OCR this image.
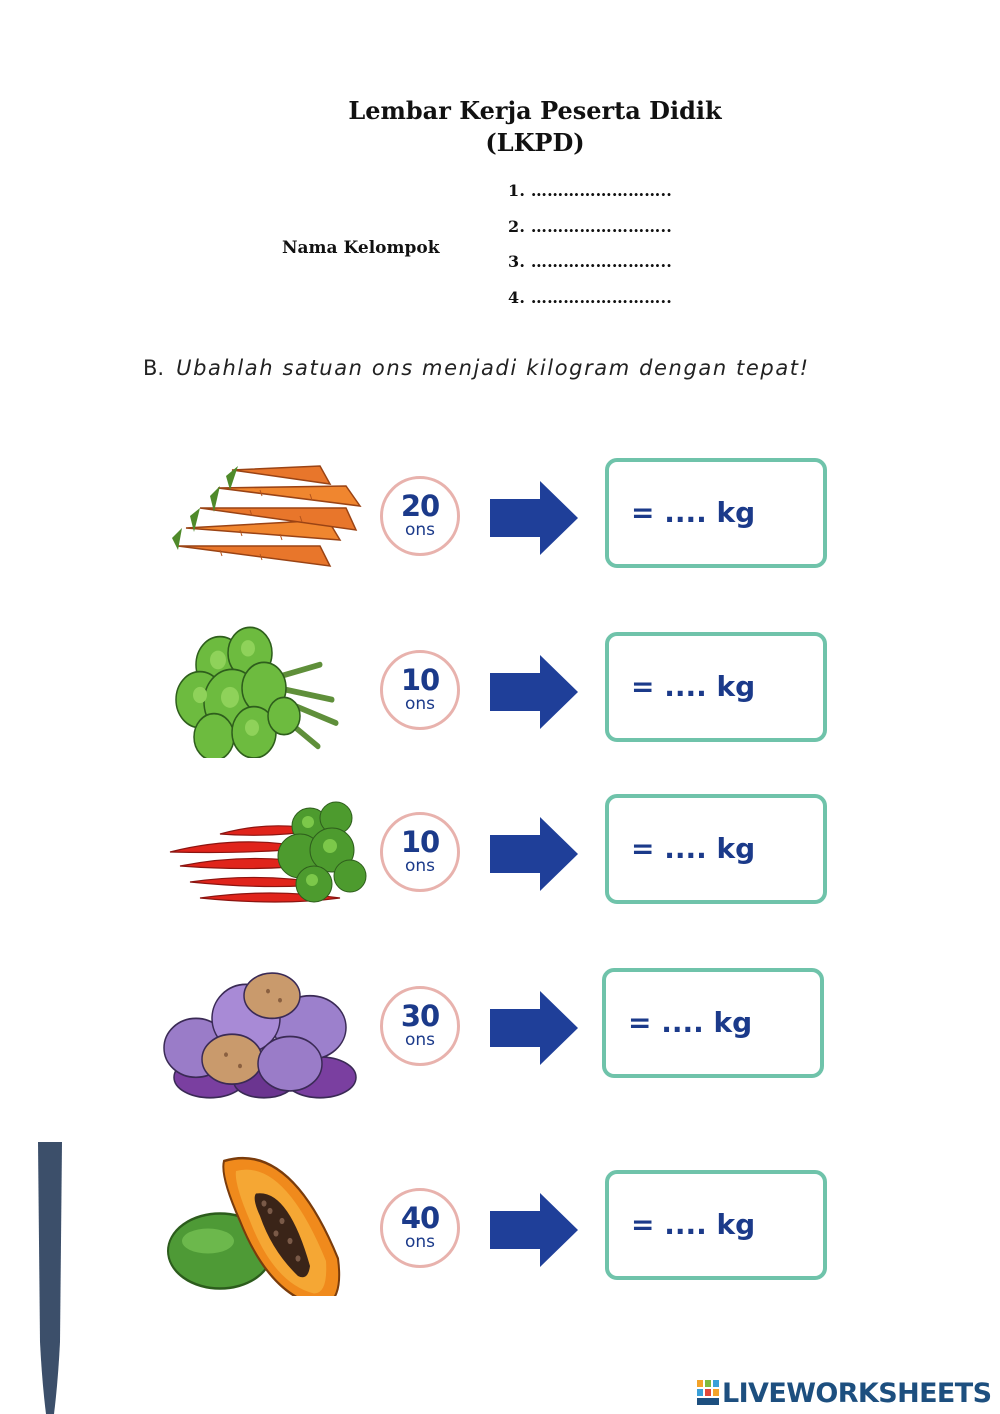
Lembar Kerja Peserta Didik
(LKPD)
Nama Kelompok
1. ……………………..
2. ……………………..
3. ……………………..
4. ……………………..
B. Ubahlah satuan ons menjadi kilogram dengan tepat!
20
ons
= .... kg
10
ons
= .... kg
10
ons
= .... kg
30
ons
= .... kg
40
ons
= .... kg
LIVEWORKSHEETS
